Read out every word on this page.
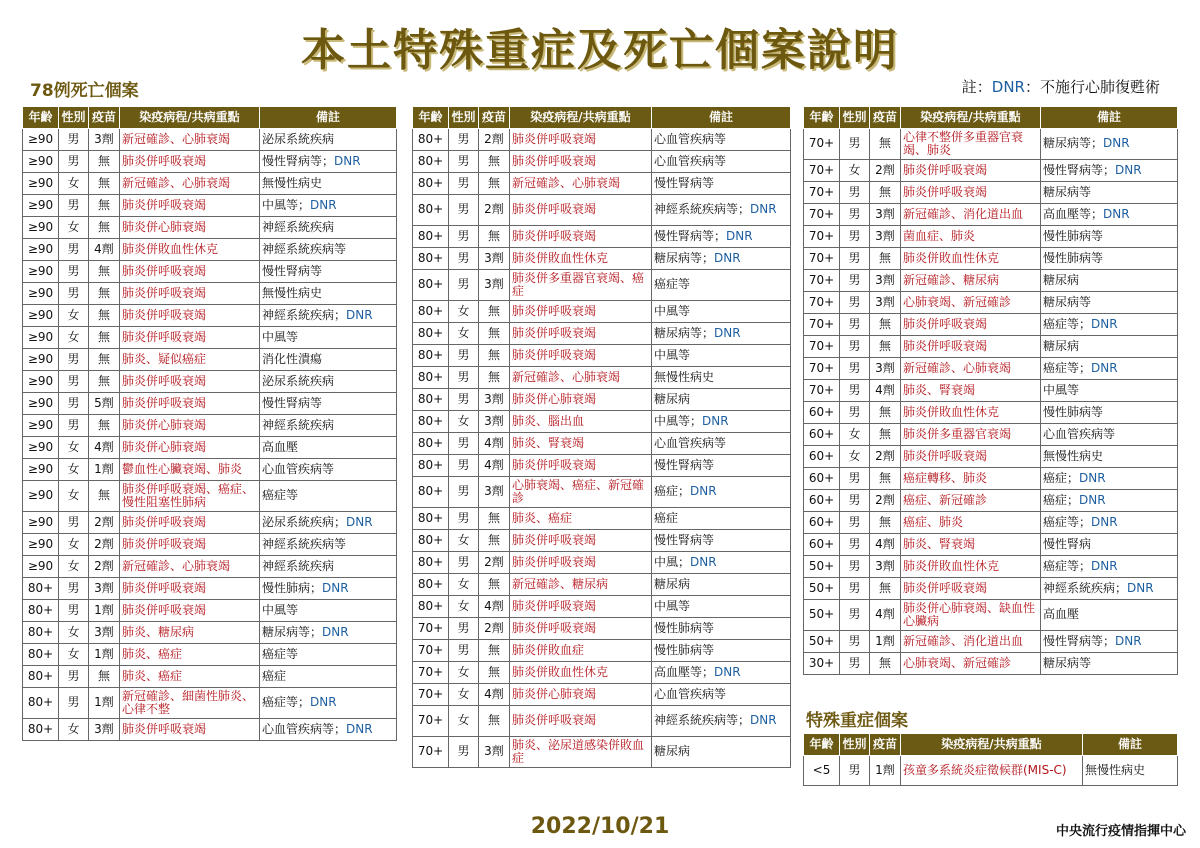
本土特殊重症及死亡個案說明
78例死亡個案	註：DNR：不施行心肺復甦術
年齡	性別	疫苗	染疫病程/共病重點	備註
≥90	男	3劑	新冠確診、心肺衰竭	泌尿系統疾病
≥90	男	無	肺炎併呼吸衰竭	慢性腎病等；DNR
≥90	女	無	新冠確診、心肺衰竭	無慢性病史
≥90	男	無	肺炎併呼吸衰竭	中風等；DNR
≥90	女	無	肺炎併心肺衰竭	神經系統疾病
≥90	男	4劑	肺炎併敗血性休克	神經系統疾病等
≥90	男	無	肺炎併呼吸衰竭	慢性腎病等
≥90	男	無	肺炎併呼吸衰竭	無慢性病史
≥90	女	無	肺炎併呼吸衰竭	神經系統疾病；DNR
≥90	女	無	肺炎併呼吸衰竭	中風等
≥90	男	無	肺炎、疑似癌症	消化性潰瘍
≥90	男	無	肺炎併呼吸衰竭	泌尿系統疾病
≥90	男	5劑	肺炎併呼吸衰竭	慢性腎病等
≥90	男	無	肺炎併心肺衰竭	神經系統疾病
≥90	女	4劑	肺炎併心肺衰竭	高血壓
≥90	女	1劑	鬱血性心臟衰竭、肺炎	心血管疾病等
≥90	女	無	肺炎併呼吸衰竭、癌症、慢性阻塞性肺病	癌症等
≥90	男	2劑	肺炎併呼吸衰竭	泌尿系統疾病；DNR
≥90	女	2劑	肺炎併呼吸衰竭	神經系統疾病等
≥90	女	2劑	新冠確診、心肺衰竭	神經系統疾病
80+	男	3劑	肺炎併呼吸衰竭	慢性肺病；DNR
80+	男	1劑	肺炎併呼吸衰竭	中風等
80+	女	3劑	肺炎、糖尿病	糖尿病等；DNR
80+	女	1劑	肺炎、癌症	癌症等
80+	男	無	肺炎、癌症	癌症
80+	男	1劑	新冠確診、細菌性肺炎、心律不整	癌症等；DNR
80+	女	3劑	肺炎併呼吸衰竭	心血管疾病等；DNR
年齡	性別	疫苗	染疫病程/共病重點	備註
80+	男	2劑	肺炎併呼吸衰竭	心血管疾病等
80+	男	無	肺炎併呼吸衰竭	心血管疾病等
80+	男	無	新冠確診、心肺衰竭	慢性腎病等
80+	男	2劑	肺炎併呼吸衰竭	神經系統疾病等；DNR
80+	男	無	肺炎併呼吸衰竭	慢性腎病等；DNR
80+	男	3劑	肺炎併敗血性休克	糖尿病等；DNR
80+	男	3劑	肺炎併多重器官衰竭、癌症	癌症等
80+	女	無	肺炎併呼吸衰竭	中風等
80+	女	無	肺炎併呼吸衰竭	糖尿病等；DNR
80+	男	無	肺炎併呼吸衰竭	中風等
80+	男	無	新冠確診、心肺衰竭	無慢性病史
80+	男	3劑	肺炎併心肺衰竭	糖尿病
80+	女	3劑	肺炎、腦出血	中風等；DNR
80+	男	4劑	肺炎、腎衰竭	心血管疾病等
80+	男	4劑	肺炎併呼吸衰竭	慢性腎病等
80+	男	3劑	心肺衰竭、癌症、新冠確診	癌症；DNR
80+	男	無	肺炎、癌症	癌症
80+	女	無	肺炎併呼吸衰竭	慢性腎病等
80+	男	2劑	肺炎併呼吸衰竭	中風；DNR
80+	女	無	新冠確診、糖尿病	糖尿病
80+	女	4劑	肺炎併呼吸衰竭	中風等
70+	男	2劑	肺炎併呼吸衰竭	慢性肺病等
70+	男	無	肺炎併敗血症	慢性肺病等
70+	女	無	肺炎併敗血性休克	高血壓等；DNR
70+	女	4劑	肺炎併心肺衰竭	心血管疾病等
70+	女	無	肺炎併呼吸衰竭	神經系統疾病等；DNR
70+	男	3劑	肺炎、泌尿道感染併敗血症	糖尿病
年齡	性別	疫苗	染疫病程/共病重點	備註
70+	男	無	心律不整併多重器官衰竭、肺炎	糖尿病等；DNR
70+	女	2劑	肺炎併呼吸衰竭	慢性腎病等；DNR
70+	男	無	肺炎併呼吸衰竭	糖尿病等
70+	男	3劑	新冠確診、消化道出血	高血壓等；DNR
70+	男	3劑	菌血症、肺炎	慢性肺病等
70+	男	無	肺炎併敗血性休克	慢性肺病等
70+	男	3劑	新冠確診、糖尿病	糖尿病
70+	男	3劑	心肺衰竭、新冠確診	糖尿病等
70+	男	無	肺炎併呼吸衰竭	癌症等；DNR
70+	男	無	肺炎併呼吸衰竭	糖尿病
70+	男	3劑	新冠確診、心肺衰竭	癌症等；DNR
70+	男	4劑	肺炎、腎衰竭	中風等
60+	男	無	肺炎併敗血性休克	慢性肺病等
60+	女	無	肺炎併多重器官衰竭	心血管疾病等
60+	女	2劑	肺炎併呼吸衰竭	無慢性病史
60+	男	無	癌症轉移、肺炎	癌症；DNR
60+	男	2劑	癌症、新冠確診	癌症；DNR
60+	男	無	癌症、肺炎	癌症等；DNR
60+	男	4劑	肺炎、腎衰竭	慢性腎病
50+	男	3劑	肺炎併敗血性休克	癌症等；DNR
50+	男	無	肺炎併呼吸衰竭	神經系統疾病；DNR
50+	男	4劑	肺炎併心肺衰竭、缺血性心臟病	高血壓
50+	男	1劑	新冠確診、消化道出血	慢性腎病等；DNR
30+	男	無	心肺衰竭、新冠確診	糖尿病等
特殊重症個案
年齡	性別	疫苗	染疫病程/共病重點	備註
<5	男	1劑	孩童多系統炎症徵候群(MIS-C)	無慢性病史
2022/10/21	中央流行疫情指揮中心
